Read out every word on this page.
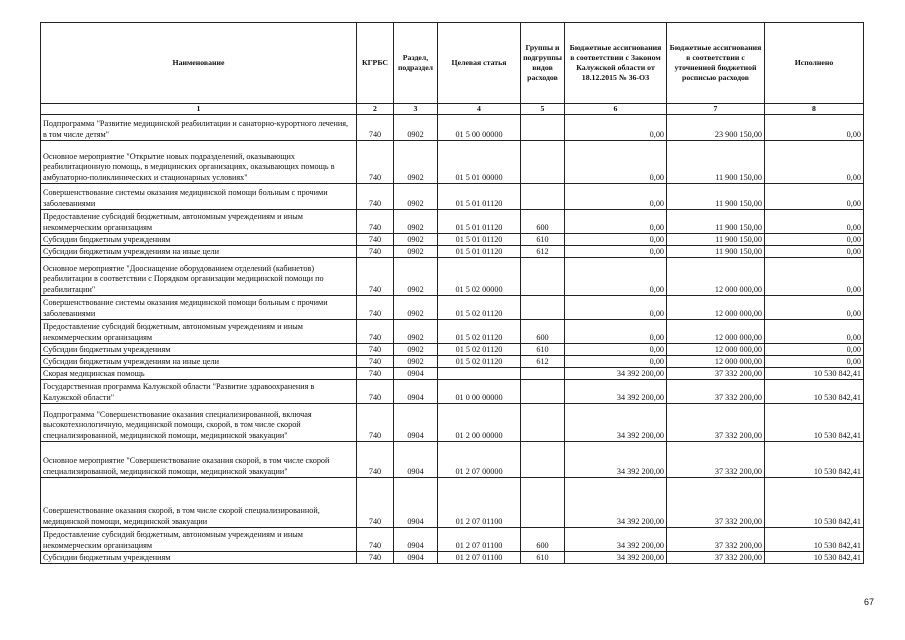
Наименование	КГРБС	Раздел, подраздел	Целевая статья	Группы и подгруппы видов расходов	Бюджетные ассигнования в соответствии с Законом Калужской области от 18.12.2015 № 36-ОЗ	Бюджетные ассигнования в соответствии с уточненной бюджетной росписью расходов	Исполнено
1	2	3	4	5	6	7	8
Подпрограмма "Развитие медицинской реабилитации и санаторно-курортного лечения, в том числе детям"	740	0902	01 5 00 00000		0,00	23 900 150,00	0,00
Основное мероприятие "Открытие новых подразделений, оказывающих реабилитационную помощь, в медицинских организациях, оказывающих помощь в амбулаторно-поликлинических и стационарных условиях"	740	0902	01 5 01 00000		0,00	11 900 150,00	0,00
Совершенствование системы оказания медицинской помощи больным с прочими заболеваниями	740	0902	01 5 01 01120		0,00	11 900 150,00	0,00
Предоставление субсидий бюджетным, автономным учреждениям и иным некоммерческим организациям	740	0902	01 5 01 01120	600	0,00	11 900 150,00	0,00
Субсидии бюджетным учреждениям	740	0902	01 5 01 01120	610	0,00	11 900 150,00	0,00
Субсидии бюджетным учреждениям на иные цели	740	0902	01 5 01 01120	612	0,00	11 900 150,00	0,00
Основное мероприятие "Дооснащение оборудованием отделений (кабинетов) реабилитации в соответствии с Порядком организации медицинской помощи по реабилитации"	740	0902	01 5 02 00000		0,00	12 000 000,00	0,00
Совершенствование системы оказания медицинской помощи больным с прочими заболеваниями	740	0902	01 5 02 01120		0,00	12 000 000,00	0,00
Предоставление субсидий бюджетным, автономным учреждениям и иным некоммерческим организациям	740	0902	01 5 02 01120	600	0,00	12 000 000,00	0,00
Субсидии бюджетным учреждениям	740	0902	01 5 02 01120	610	0,00	12 000 000,00	0,00
Субсидии бюджетным учреждениям на иные цели	740	0902	01 5 02 01120	612	0,00	12 000 000,00	0,00
Скорая медицинская помощь	740	0904			34 392 200,00	37 332 200,00	10 530 842,41
Государственная программа Калужской области "Развитие здравоохранения в Калужской области"	740	0904	01 0 00 00000		34 392 200,00	37 332 200,00	10 530 842,41
Подпрограмма "Совершенствование оказания специализированной, включая высокотехнологичную, медицинской помощи, скорой, в том числе скорой специализированной, медицинской помощи, медицинской эвакуации"	740	0904	01 2 00 00000		34 392 200,00	37 332 200,00	10 530 842,41
Основное мероприятие "Совершенствование оказания скорой, в том числе скорой специализированной, медицинской помощи, медицинской эвакуации"	740	0904	01 2 07 00000		34 392 200,00	37 332 200,00	10 530 842,41
Совершенствование оказания скорой, в том числе скорой специализированной, медицинской помощи, медицинской эвакуации	740	0904	01 2 07 01100		34 392 200,00	37 332 200,00	10 530 842,41
Предоставление субсидий бюджетным, автономным учреждениям и иным некоммерческим организациям	740	0904	01 2 07 01100	600	34 392 200,00	37 332 200,00	10 530 842,41
Субсидии бюджетным учреждениям	740	0904	01 2 07 01100	610	34 392 200,00	37 332 200,00	10 530 842,41
67
